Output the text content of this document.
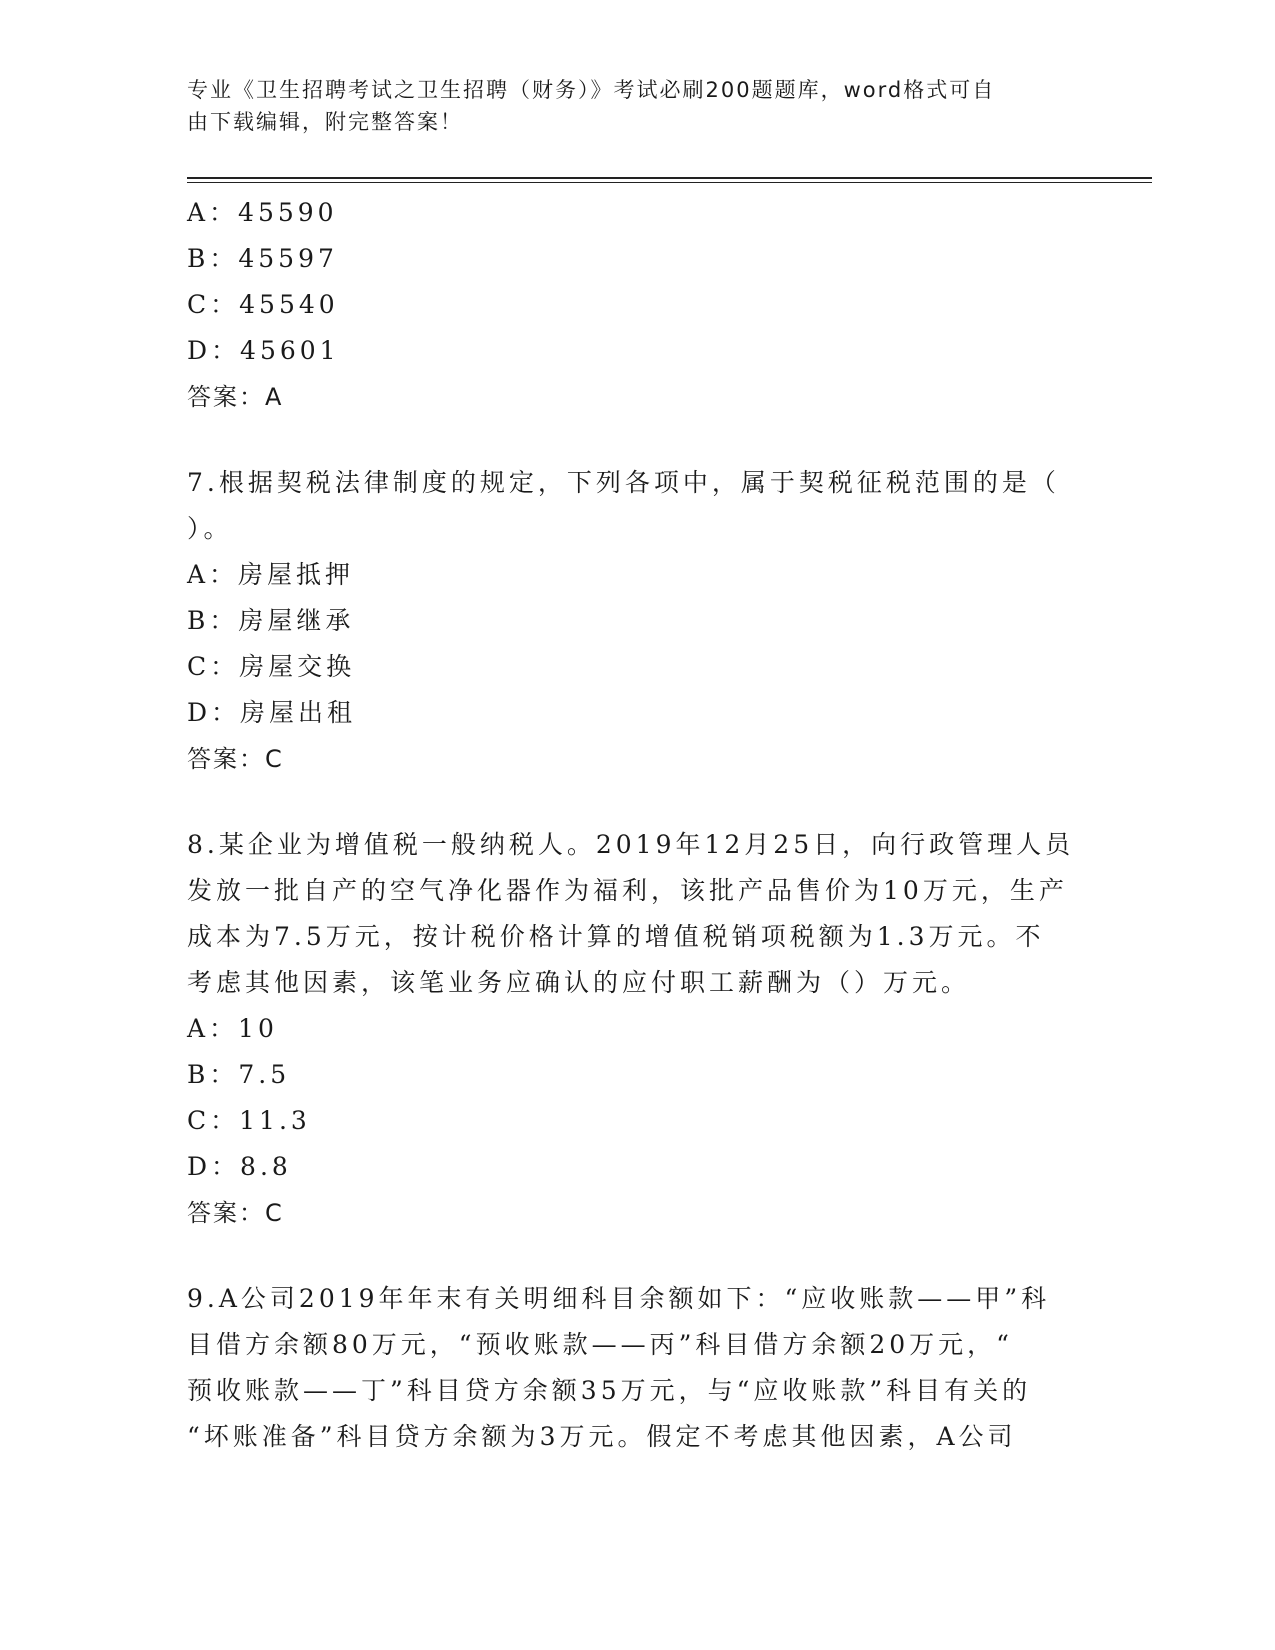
专业《卫生招聘考试之卫生招聘（财务）》考试必刷200题题库，word格式可自
由下载编辑，附完整答案！
A：45590
B：45597
C：45540
D：45601
答案：A
7.根据契税法律制度的规定，下列各项中，属于契税征税范围的是（
）。
A：房屋抵押
B：房屋继承
C：房屋交换
D：房屋出租
答案：C
8.某企业为增值税一般纳税人。2019年12月25日，向行政管理人员
发放一批自产的空气净化器作为福利，该批产品售价为10万元，生产
成本为7.5万元，按计税价格计算的增值税销项税额为1.3万元。不
考虑其他因素，该笔业务应确认的应付职工薪酬为（）万元。
A：10
B：7.5
C：11.3
D：8.8
答案：C
9.A公司2019年年末有关明细科目余额如下：“应收账款——甲”科
目借方余额80万元，“预收账款——丙”科目借方余额20万元，“
预收账款——丁”科目贷方余额35万元，与“应收账款”科目有关的
“坏账准备”科目贷方余额为3万元。假定不考虑其他因素，A公司
